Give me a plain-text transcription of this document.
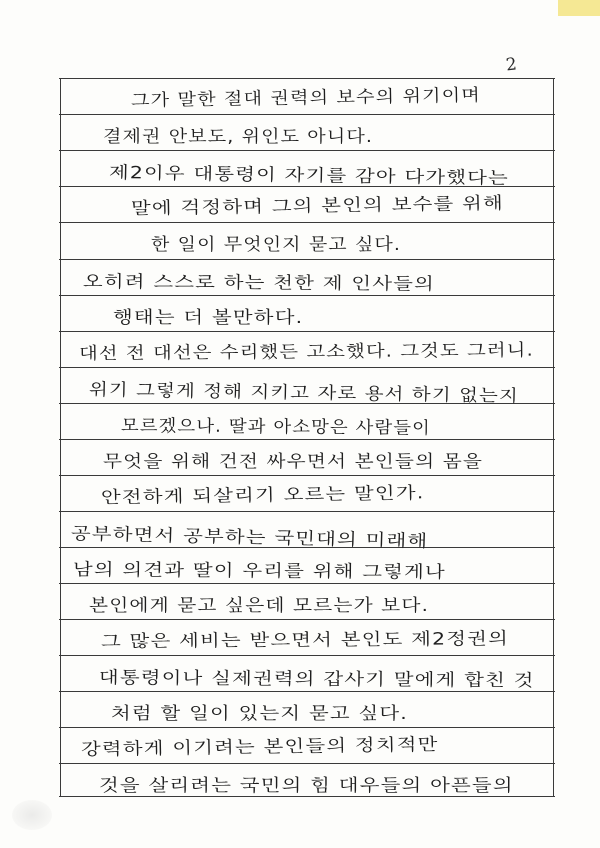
2
그가 말한 절대 권력의 보수의 위기이며
결제권 안보도, 위인도 아니다.
제2이우 대통령이 자기를 감아 다가했다는
말에 걱정하며 그의 본인의 보수를 위해
한 일이 무엇인지 묻고 싶다.
오히려 스스로 하는 천한 제 인사들의
행태는 더 볼만하다.
대선 전 대선은 수리했든 고소했다. 그것도 그러니.
위기 그렇게 정해 지키고 자로 용서 하기 없는지
모르겠으나. 딸과 아소망은 사람들이
무엇을 위해 건전 싸우면서 본인들의 몸을
안전하게 되살리기 오르는 말인가.
공부하면서 공부하는 국민대의 미래해
남의 의견과 딸이 우리를 위해 그렇게나
본인에게 묻고 싶은데 모르는가 보다.
그 많은 세비는 받으면서 본인도 제2정권의
대통령이나 실제권력의 갑사기 말에게 합친 것
처럼 할 일이 있는지 묻고 싶다.
강력하게 이기려는 본인들의 정치적만
것을 살리려는 국민의 힘 대우들의 아픈들의
